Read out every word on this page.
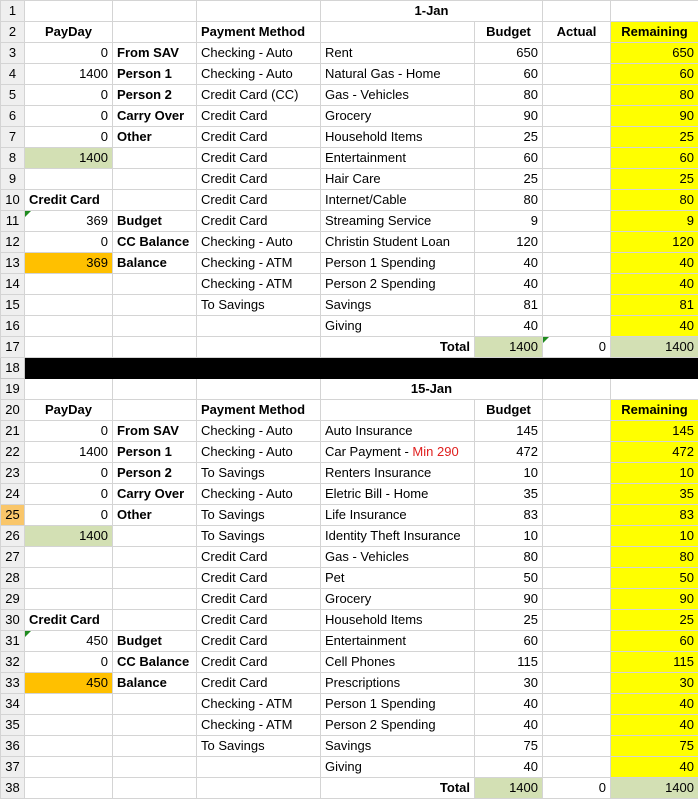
1				1-Jan			
2	PayDay		Payment Method		Budget	Actual	Remaining
3	0	From SAV	Checking - Auto	Rent	650		650
4	1400	Person 1	Checking - Auto	Natural Gas - Home	60		60
5	0	Person 2	Credit Card (CC)	Gas - Vehicles	80		80
6	0	Carry Over	Credit Card	Grocery	90		90
7	0	Other	Credit Card	Household Items	25		25
8	1400		Credit Card	Entertainment	60		60
9			Credit Card	Hair Care	25		25
10	Credit Card		Credit Card	Internet/Cable	80		80
11	369	Budget	Credit Card	Streaming Service	9		9
12	0	CC Balance	Checking - Auto	Christin Student Loan	120		120
13	369	Balance	Checking - ATM	Person 1 Spending	40		40
14			Checking - ATM	Person 2 Spending	40		40
15			To Savings	Savings	81		81
16				Giving	40		40
17				Total	1400	0	1400
18							
19				15-Jan			
20	PayDay		Payment Method		Budget		Remaining
21	0	From SAV	Checking - Auto	Auto Insurance	145		145
22	1400	Person 1	Checking - Auto	Car Payment - Min 290	472		472
23	0	Person 2	To Savings	Renters Insurance	10		10
24	0	Carry Over	Checking - Auto	Eletric Bill - Home	35		35
25	0	Other	To Savings	Life Insurance	83		83
26	1400		To Savings	Identity Theft Insurance	10		10
27			Credit Card	Gas - Vehicles	80		80
28			Credit Card	Pet	50		50
29			Credit Card	Grocery	90		90
30	Credit Card		Credit Card	Household Items	25		25
31	450	Budget	Credit Card	Entertainment	60		60
32	0	CC Balance	Credit Card	Cell Phones	115		115
33	450	Balance	Credit Card	Prescriptions	30		30
34			Checking - ATM	Person 1 Spending	40		40
35			Checking - ATM	Person 2 Spending	40		40
36			To Savings	Savings	75		75
37				Giving	40		40
38				Total	1400	0	1400
